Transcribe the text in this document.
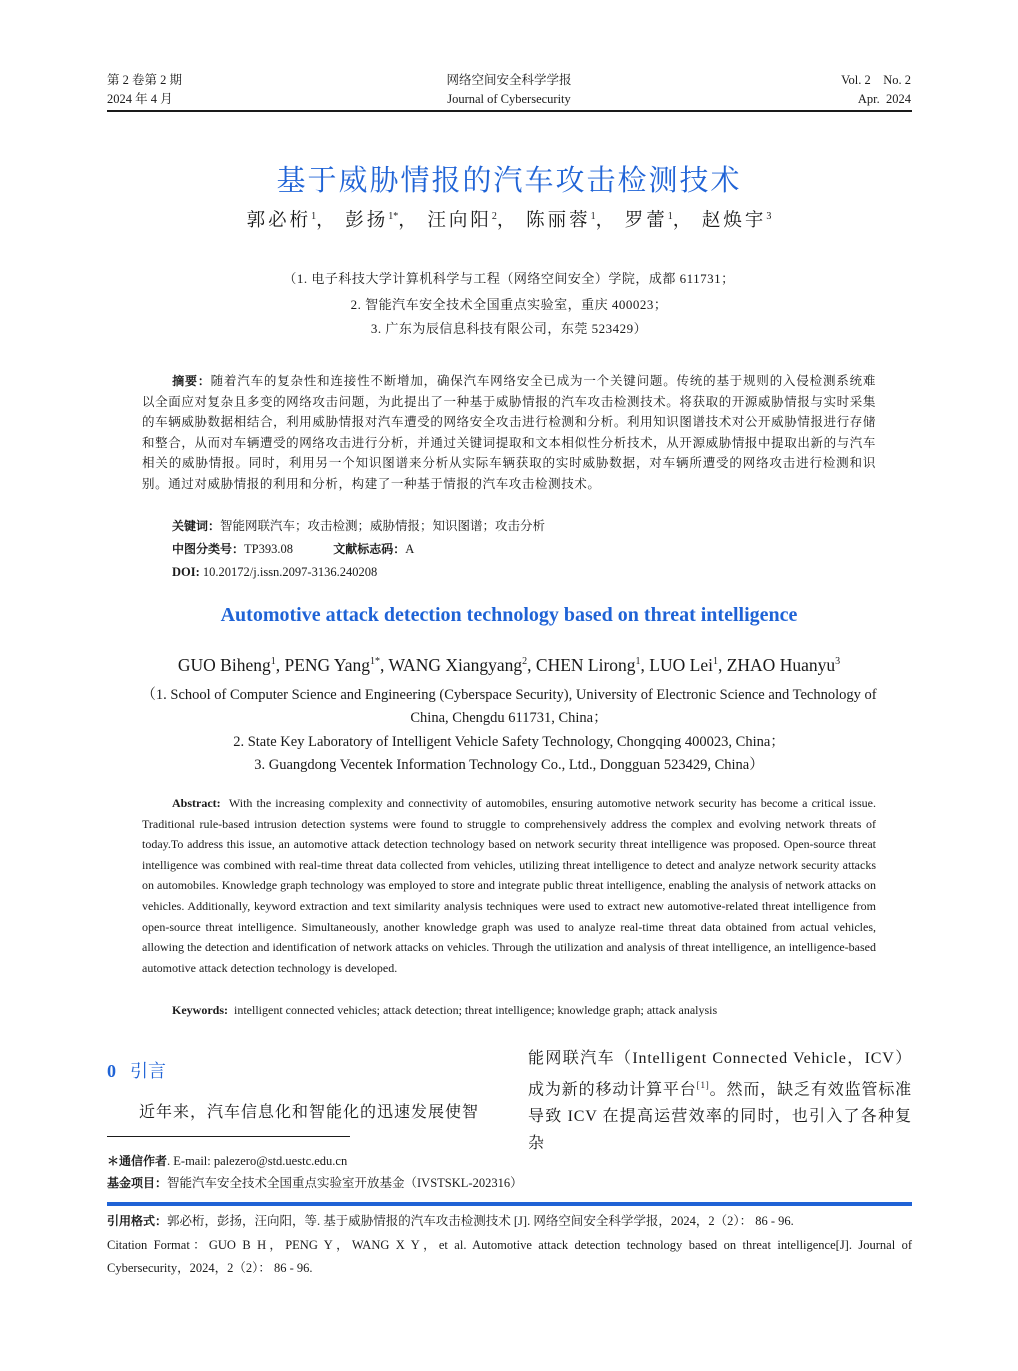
第 2 卷第 2 期
2024 年 4 月
网络空间安全科学学报
Journal of Cybersecurity
Vol. 2    No. 2
Apr.  2024
基于威胁情报的汽车攻击检测技术
郭必桁$^1$， 彭扬$^{1*}$， 汪向阳$^2$， 陈丽蓉$^1$， 罗蕾$^1$， 赵焕宇$^3$
（1. 电子科技大学计算机科学与工程（网络空间安全）学院，成都 611731；
2. 智能汽车安全技术全国重点实验室，重庆 400023；
3. 广东为辰信息科技有限公司，东莞 523429）
摘要：随着汽车的复杂性和连接性不断增加，确保汽车网络安全已成为一个关键问题。传统的基于规则的入侵检测系统难以全面应对复杂且多变的网络攻击问题，为此提出了一种基于威胁情报的汽车攻击检测技术。将获取的开源威胁情报与实时采集的车辆威胁数据相结合，利用威胁情报对汽车遭受的网络安全攻击进行检测和分析。利用知识图谱技术对公开威胁情报进行存储和整合，从而对车辆遭受的网络攻击进行分析，并通过关键词提取和文本相似性分析技术，从开源威胁情报中提取出新的与汽车相关的威胁情报。同时，利用另一个知识图谱来分析从实际车辆获取的实时威胁数据，对车辆所遭受的网络攻击进行检测和识别。通过对威胁情报的利用和分析，构建了一种基于情报的汽车攻击检测技术。
关键词：智能网联汽车；攻击检测；威胁情报；知识图谱；攻击分析
中图分类号：TP393.08	文献标志码：A
DOI: 10.20172/j.issn.2097-3136.240208
Automotive attack detection technology based on threat intelligence
GUO Biheng$^1$, PENG Yang$^{1*}$, WANG Xiangyang$^2$, CHEN Lirong$^1$, LUO Lei$^1$, ZHAO Huanyu$^3$
（1. School of Computer Science and Engineering (Cyberspace Security), University of Electronic Science and Technology of China, Chengdu 611731, China；
2. State Key Laboratory of Intelligent Vehicle Safety Technology, Chongqing 400023, China；
3. Guangdong Vecentek Information Technology Co., Ltd., Dongguan 523429, China）
Abstract: With the increasing complexity and connectivity of automobiles, ensuring automotive network security has become a critical issue. Traditional rule-based intrusion detection systems were found to struggle to comprehensively address the complex and evolving network threats of today.To address this issue, an automotive attack detection technology based on network security threat intelligence was proposed. Open-source threat intelligence was combined with real-time threat data collected from vehicles, utilizing threat intelligence to detect and analyze network security attacks on automobiles. Knowledge graph technology was employed to store and integrate public threat intelligence, enabling the analysis of network attacks on vehicles. Additionally, keyword extraction and text similarity analysis techniques were used to extract new automotive-related threat intelligence from open-source threat intelligence. Simultaneously, another knowledge graph was used to analyze real-time threat data obtained from actual vehicles, allowing the detection and identification of network attacks on vehicles. Through the utilization and analysis of threat intelligence, an intelligence-based automotive attack detection technology is developed.
Keywords: intelligent connected vehicles; attack detection; threat intelligence; knowledge graph; attack analysis
0 引言
近年来，汽车信息化和智能化的迅速发展使智
能网联汽车（Intelligent Connected Vehicle，ICV）成为新的移动计算平台[1]。然而，缺乏有效监管标准导致 ICV 在提高运营效率的同时，也引入了各种复杂
＊通信作者. E-mail: palezero@std.uestc.edu.cn
基金项目：智能汽车安全技术全国重点实验室开放基金（IVSTSKL-202316）
引用格式：郭必桁，彭扬，汪向阳，等. 基于威胁情报的汽车攻击检测技术 [J]. 网络空间安全科学学报，2024，2（2）： 86 - 96.
Citation Format：GUO B H，PENG Y，WANG X Y，et al. Automotive attack detection technology based on threat intelligence[J]. Journal of Cybersecurity，2024，2（2）： 86 - 96.
